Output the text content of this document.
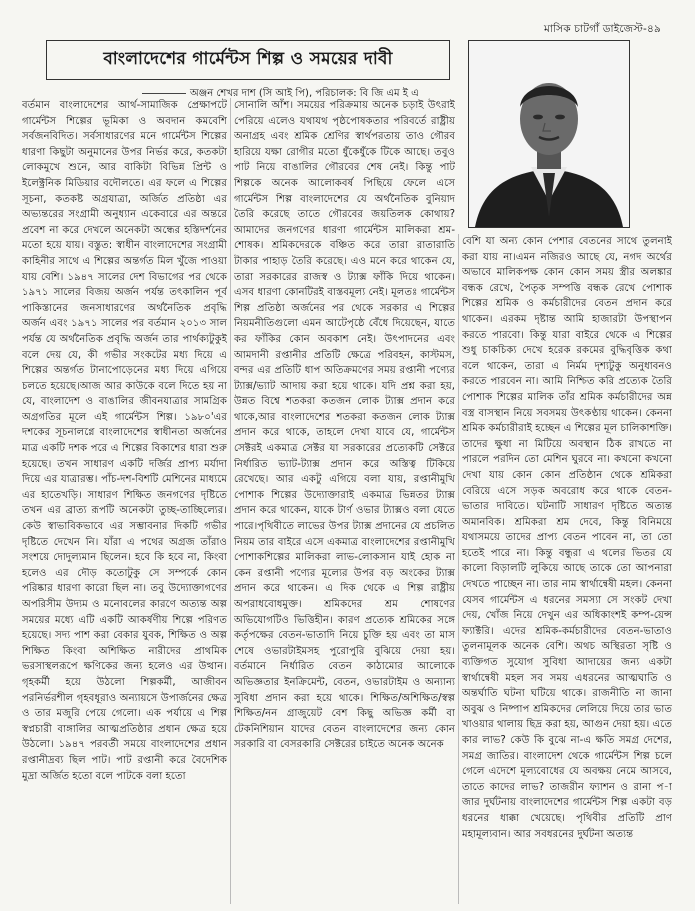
মাসিক চাটগাঁ ডাইজেস্ট-৪৯
বাংলাদেশের গার্মেন্টস শিল্প ও সময়ের দাবী
অঞ্জন শেখর দাশ (সি আই পি), পরিচালক: বি জি এম ই এ

বর্তমান বাংলাদেশের আর্থ-সামাজিক প্রেক্ষাপটে গার্মেন্টস শিল্পের ভূমিকা ও অবদান কমবেশি সর্বজনবিদিত। সর্বসাধারণের মনে গার্মেন্টস শিল্পের ধারণা কিছুটা অনুমানের উপর নির্ভর করে, কতকটা লোকমুখে শুনে, আর বাকিটা বিভিন্ন প্রিন্ট ও ইলেক্ট্রনিক মিডিয়ার বদৌলতে। এর ফলে এ শিল্পের সূচনা, কতকষ্ট অগ্রযাত্রা, অর্জিত প্রতিষ্ঠা এর অভ্যন্তরের সংগ্রামী অনুধ্যান একেবারে এর অন্তরে প্রবেশ না করে দেখলে অনেকটা অন্ধের হস্তিদর্শনের মতো হয়ে যায়। বস্তুত: স্বাধীন বাংলাদেশের সংগ্রামী কাহিনীর সাথে এ শিল্পের অন্তর্গত মিল খুঁজে পাওয়া যায় বেশি। ১৯৪৭ সালের দেশ বিভাগের পর থেকে ১৯৭১ সালের বিজয় অর্জন পর্যন্ত তৎকালিন পূর্ব পাকিস্তানের জনসাধারণের অর্থনৈতিক প্রবৃদ্ধি অর্জন এবং ১৯৭১ সালের পর বর্তমান ২০১৩ সাল পর্যন্ত যে অর্থনৈতিক প্রবৃদ্ধি অর্জন তার পার্থক্যটুকুই বলে দেয় যে, কী গভীর সংকটের মধ্য দিয়ে এ শিল্পের অন্তর্গত টানাপোড়েনের মধ্য দিয়ে এগিয়ে চলতে হয়েছে।আজ আর কাউকে বলে দিতে হয় না যে, বাংলাদেশ ও বাঙালির জীবনযাত্রার সামগ্রিক অগ্রগতির মূলে এই গার্মেন্টস শিল্প। ১৯৮০'এর দশকের সূচনালগ্নে বাংলাদেশের স্বাধীনতা অর্জনের মাত্র একটি দশক পরে এ শিল্পের বিকাশের ধারা শুরু হয়েছে। তখন সাধারণ একটি দর্জির প্রাপ্য মর্যাদা দিয়ে এর যাত্রারম্ভ। পাঁচ-দশ-বিশটি মেশিনের মাধ্যমে এর হাতেখড়ি। সাধারণ শিক্ষিত জনগণের দৃষ্টিতে তখন এর ব্রাত্য রূপটি অনেকটা তুচ্ছ-তাচ্ছিল্যের। কেউ স্বাভাবিকভাবে এর সম্ভাবনার দিকটি গভীর দৃষ্টিতে দেখেন নি। যাঁরা এ পথের অগ্রজ তাঁরাও সংশয়ে দোদুল্যমান ছিলেন। হবে কি হবে না, কিংবা হলেও এর দৌড় কতোটুকু সে সম্পর্কে কোন পরিষ্কার ধারণা কারো ছিল না। তবু উদ্যোক্তাগণের অপরিসীম উদ্যম ও মনোবলের কারণে অত্যন্ত অল্প সময়ের মধ্যে এটি একটি আকর্ষণীয় শিল্পে পরিণত হয়েছে। সদ্য পাশ করা বেকার যুবক, শিক্ষিত ও অল্প শিক্ষিত কিংবা অশিক্ষিত নারীদের প্রাথমিক ভরসাস্থলরূপে ক্ষণিকের জন্য হলেও এর উত্থান। গৃহকর্মী হয়ে উঠলো শিল্পকর্মী, আজীবন পরনির্ভরশীল গৃহবধূরাও অন্যায়সে উপার্জনের ক্ষেত্র ও তার মজুরি পেয়ে গেলো। এক পর্যায়ে এ শিল্প স্বপ্নচারী বাঙ্গালির আত্মপ্রতিষ্ঠার প্রধান ক্ষেত্র হয়ে উঠলো। ১৯৪৭ পরবর্তী সময়ে বাংলাদেশের প্রধান রপ্তানীদ্রব্য ছিল পাট। পাট রপ্তানী করে বৈদেশিক মুদ্রা অর্জিত হতো বলে পাটকে বলা হতো

সোনালি আঁশ। সময়ের পরিক্রমায় অনেক চড়াই উৎরাই পেরিয়ে এলেও যথাযথ পৃষ্ঠপোষকতার পরিবর্তে রাষ্ট্রীয় অনাগ্রহ এবং শ্রমিক শ্রেণির স্বার্থপরতায় তাও গৌরব হারিয়ে যক্ষা রোগীর মতো ধুঁকেধুঁকে টিকে আছে। তবুও পাট নিয়ে বাঙালির গৌরবের শেষ নেই। কিন্তু পাট শিল্পকে অনেক আলোকবর্ষ পিছিয়ে ফেলে এসে গার্মেন্টস শিল্প বাংলাদেশের যে অর্থনৈতিক বুনিয়াদ তৈরি করেছে তাতে গৌরবের জয়তিলক কোথায়? আমাদের জনগণের ধারণা গার্মেন্টস মালিকরা শ্রম-শোষক। শ্রমিকদেরকে বঞ্চিত করে তারা রাতারাতি টাকার পাহাড় তৈরি করেছে। এও মনে করে থাকেন যে, তারা সরকারের রাজস্ব ও ট্যাক্স ফাঁকি দিয়ে থাকেন। এসব ধারণা কোনটিরই বাস্তবমূল্য নেই। মূলতঃ গার্মেন্টস শিল্প প্রতিষ্ঠা অর্জনের পর থেকে সরকার এ শিল্পের নিয়মনীতিগুলো এমন আটেপৃষ্ঠে বেঁধে দিয়েছেন, যাতে কর ফাঁকির কোন অবকাশ নেই। উৎপাদনের এবং আমদানী রপ্তানীর প্রতিটি ক্ষেত্রে পরিবহন, কাস্টমস, বন্দর এর প্রতিটি ধাপ অতিক্রমণের সময় রপ্তানী পণ্যের ট্যাক্স/ভ্যাট আদায় করা হয়ে থাকে। যদি প্রশ্ন করা হয়, উন্নত বিশ্বে শতকরা কতজন লোক ট্যাক্স প্রদান করে থাকে,আর বাংলাদেশের শতকরা কতজন লোক ট্যাক্স প্রদান করে থাকে, তাহলে দেখা যাবে যে, গার্মেন্টস সেক্টরই একমাত্র সেক্টর যা সরকারের প্রত্যেকটি সেক্টরে নির্ধারিত ভ্যাট-ট্যাক্স প্রদান করে অস্তিত্ব টিকিয়ে রেখেছে। আর একটু এগিয়ে বলা যায়, রপ্তানীমুখি পোশাক শিল্পের উদ্যোক্তারাই একমাত্র ভিন্নতর ট্যাক্স প্রদান করে থাকেন, যাকে টার্ণ ওভার ট্যাক্সও বলা যেতে পারে।পৃথিবীতে লাভের উপর ট্যাক্স প্রদানের যে প্রচলিত নিয়ম তার বাইরে এসে একমাত্র বাংলাদেশের রপ্তানীমুখি পোশাকশিল্পের মালিকরা লাভ-লোকসান যাই হোক না কেন রপ্তানী পণ্যের মূল্যের উপর বড় অংকের ট্যাক্স প্রদান করে থাকেন। এ দিক থেকে এ শিল্প রাষ্ট্রীয় অপরাধবোধমুক্ত। শ্রমিকদের শ্রম শোষণের অভিযোগটিও ভিত্তিহীন। কারণ প্রত্যেক শ্রমিকের সঙ্গে কর্তৃপক্ষের বেতন-ভাতাদি নিয়ে চুক্তি হয় এবং তা মাস শেষে ওভারটাইমসহ পুরোপুরি বুঝিয়ে দেয়া হয়। বর্তমানে নির্ধারিত বেতন কাঠামোর আলোকে অভিজ্ঞতার ইনক্রিমেন্ট, বেতন, ওভারটাইম ও অন্যান্য সুবিধা প্রদান করা হয়ে থাকে। শিক্ষিত/অশিক্ষিত/স্বল্প শিক্ষিত/নন গ্রাজুয়েট বেশ কিছু অভিজ্ঞ কর্মী বা টেকনিশিয়ান যাদের বেতন বাংলাদেশের জন্য কোন সরকারি বা বেসরকারি সেক্টরের চাইতে অনেক অনেক

বেশি যা অন্য কোন পেশার বেতনের সাথে তুলনাই করা যায় না।এমন নজিরও আছে যে, নগদ অর্থের অভাবে মালিকপক্ষ কোন কোন সময় স্ত্রীর অলঙ্কার বন্ধক রেখে, পৈতৃক সম্পত্তি বন্ধক রেখে পোশাক শিল্পের শ্রমিক ও কর্মচারীদের বেতন প্রদান করে থাকেন। এরকম দৃষ্টান্ত আমি হাজারটা উপস্থাপন করতে পারবো। কিন্তু যারা বাইরে থেকে এ শিল্পের শুধু চাকচিক্য দেখে হরেক রকমের বুদ্ধিবৃত্তিক কথা বলে থাকেন, তারা এ নির্মম দৃশ্যটুকু অনুধাবনও করতে পারবেন না। আমি নিশ্চিত করি প্রত্যেক তৈরি পোশাক শিল্পের মালিক তাঁর শ্রমিক কর্মচারীদের অন্ন বস্ত্র বাসস্থান নিয়ে সবসময় উৎকণ্ঠায় থাকেন। কেননা শ্রমিক কর্মচারীরাই হচ্ছেন এ শিল্পের মূল চালিকাশক্তি। তাদের ক্ষুধা না মিটিয়ে অবস্থান ঠিক রাখতে না পারলে পরদিন তো মেশিন ঘুরবে না। কখনো কখনো দেখা যায় কোন কোন প্রতিষ্ঠান থেকে শ্রমিকরা বেরিয়ে এসে সড়ক অবরোধ করে থাকে বেতন-ভাতার দাবিতে। ঘটনাটি সাধারণ দৃষ্টিতে অত্যন্ত অমানবিক। শ্রমিকরা শ্রম দেবে, কিন্তু বিনিময়ে যথাসময়ে তাদের প্রাপ্য বেতন পাবেন না, তা তো হতেই পারে না। কিন্তু বন্ধুরা এ থলের ভিতর যে কালো বিড়ালটি লুকিয়ে আছে তাকে তো আপনারা দেখতে পাচ্ছেন না। তার নাম স্বার্থান্বেষী মহল। কেননা যেসব গার্মেন্টস এ ধরনের সমস্যা সে সংকট দেখা দেয়, খোঁজ নিয়ে দেখুন এর অধিকাংশই কম্প-য়েন্স ফ্যাক্টরি। এদের শ্রমিক-কর্মচারীদের বেতন-ভাতাও তুলনামূলক অনেক বেশি। অথচ অস্থিরতা সৃষ্টি ও ব্যক্তিগত সুযোগ সুবিধা আদায়ের জন্য একটা স্বার্থান্বেষী মহল সব সময় এধরনের আত্মঘাতি ও অন্তর্ঘাতি ঘটনা ঘটিয়ে থাকে। রাজনীতি না জানা অবুঝ ও নিষ্পাপ শ্রমিকদের লেলিয়ে দিয়ে তার ভাত খাওয়ার থালায় ছিদ্র করা হয়, আগুন দেয়া হয়। এতে কার লাভ? কেউ কি বুঝে না-এ ক্ষতি সমগ্র দেশের, সমগ্র জাতির। বাংলাদেশ থেকে গার্মেন্টস শিল্প চলে গেলে এদেশে মূল্যবোধের যে অবক্ষয় নেমে আসবে, তাতে কাদের লাভ? তাজরীন ফ্যাশন ও রানা প-াজার দুর্ঘটনায় বাংলাদেশের গার্মেন্টস শিল্প একটা বড় ধরনের ধাক্কা খেয়েছে। পৃথিবীর প্রতিটি প্রাণ মহামূল্যবান। আর সবধরনের দুর্ঘটনা অত্যন্ত
